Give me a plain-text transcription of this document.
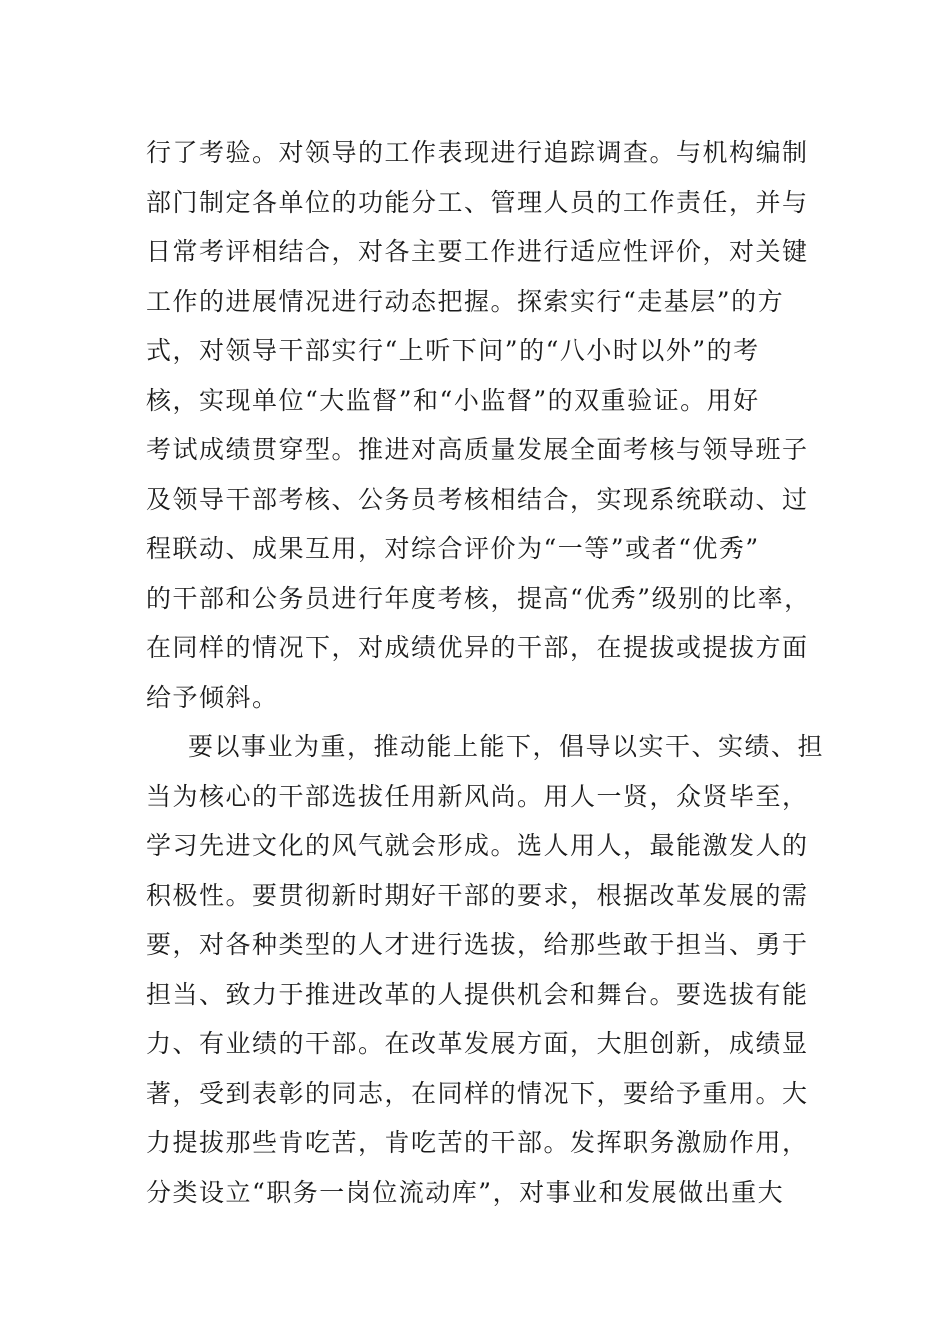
行了考验。对领导的工作表现进行追踪调查。与机构编制
部门制定各单位的功能分工、管理人员的工作责任，并与
日常考评相结合，对各主要工作进行适应性评价，对关键
工作的进展情况进行动态把握。探索实行“走基层”的方
式，对领导干部实行“上听下问”的“八小时以外”的考
核，实现单位“大监督”和“小监督”的双重验证。用好
考试成绩贯穿型。推进对高质量发展全面考核与领导班子
及领导干部考核、公务员考核相结合，实现系统联动、过
程联动、成果互用，对综合评价为“一等”或者“优秀”
的干部和公务员进行年度考核，提高“优秀”级别的比率，
在同样的情况下，对成绩优异的干部，在提拔或提拔方面
给予倾斜。
要以事业为重，推动能上能下，倡导以实干、实绩、担
当为核心的干部选拔任用新风尚。用人一贤，众贤毕至，
学习先进文化的风气就会形成。选人用人，最能激发人的
积极性。要贯彻新时期好干部的要求，根据改革发展的需
要，对各种类型的人才进行选拔，给那些敢于担当、勇于
担当、致力于推进改革的人提供机会和舞台。要选拔有能
力、有业绩的干部。在改革发展方面，大胆创新，成绩显
著，受到表彰的同志，在同样的情况下，要给予重用。大
力提拔那些肯吃苦，肯吃苦的干部。发挥职务激励作用，
分类设立“职务一岗位流动库”，对事业和发展做出重大
